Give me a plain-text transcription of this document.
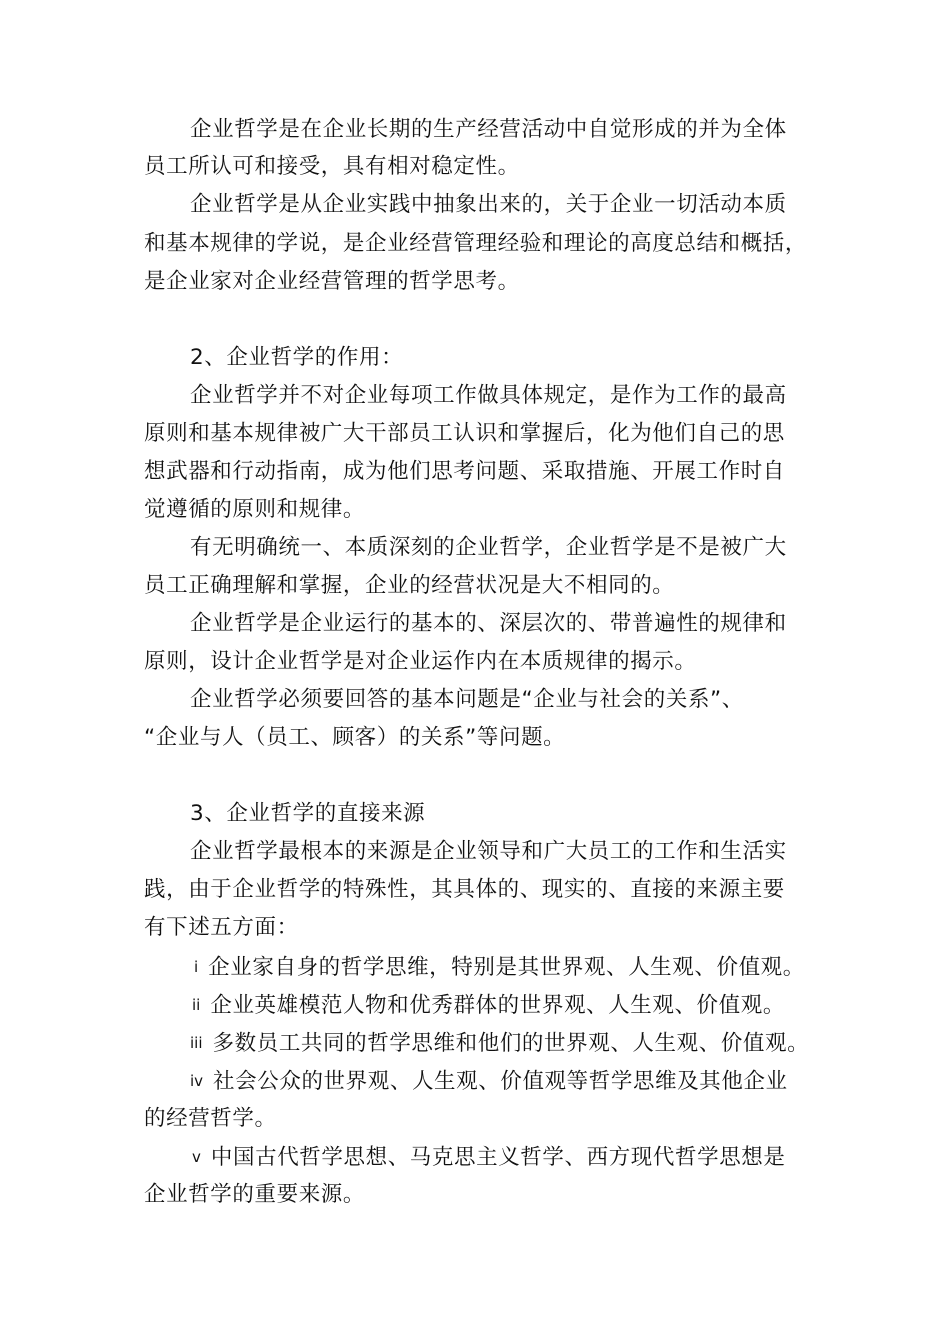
企业哲学是在企业长期的生产经营活动中自觉形成的并为全体
员工所认可和接受，具有相对稳定性。
企业哲学是从企业实践中抽象出来的，关于企业一切活动本质
和基本规律的学说，是企业经营管理经验和理论的高度总结和概括，
是企业家对企业经营管理的哲学思考。
2、企业哲学的作用：
企业哲学并不对企业每项工作做具体规定，是作为工作的最高
原则和基本规律被广大干部员工认识和掌握后，化为他们自己的思
想武器和行动指南，成为他们思考问题、采取措施、开展工作时自
觉遵循的原则和规律。
有无明确统一、本质深刻的企业哲学，企业哲学是不是被广大
员工正确理解和掌握，企业的经营状况是大不相同的。
企业哲学是企业运行的基本的、深层次的、带普遍性的规律和
原则，设计企业哲学是对企业运作内在本质规律的揭示。
企业哲学必须要回答的基本问题是“企业与社会的关系”、
“企业与人（员工、顾客）的关系”等问题。
3、企业哲学的直接来源
企业哲学最根本的来源是企业领导和广大员工的工作和生活实
践，由于企业哲学的特殊性，其具体的、现实的、直接的来源主要
有下述五方面：
i 企业家自身的哲学思维，特别是其世界观、人生观、价值观。
ii 企业英雄模范人物和优秀群体的世界观、人生观、价值观。
iii 多数员工共同的哲学思维和他们的世界观、人生观、价值观。
iv 社会公众的世界观、人生观、价值观等哲学思维及其他企业
的经营哲学。
v 中国古代哲学思想、马克思主义哲学、西方现代哲学思想是
企业哲学的重要来源。
